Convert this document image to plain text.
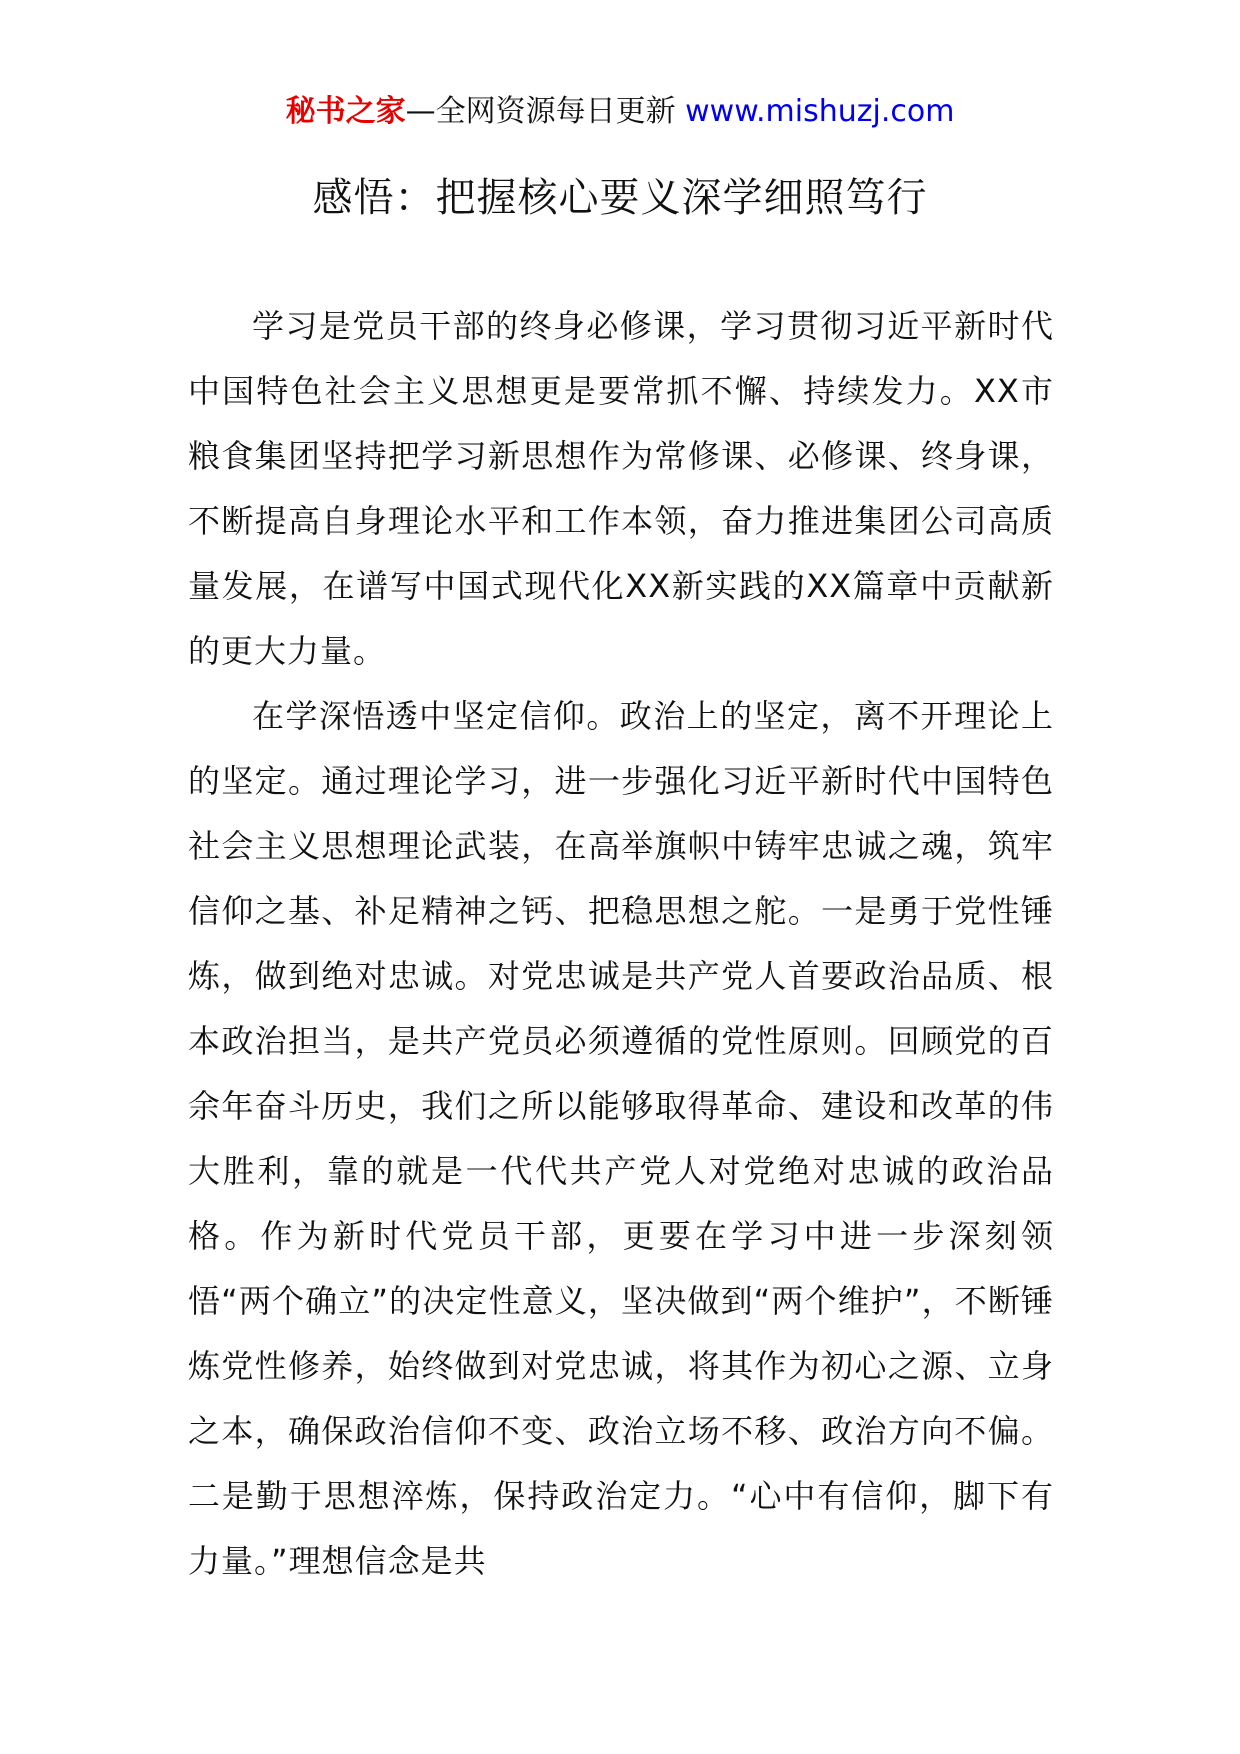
秘书之家—全网资源每日更新 www.mishuzj.com
感悟：把握核心要义深学细照笃行

学习是党员干部的终身必修课，学习贯彻习近平新时代中国特色社会主义思想更是要常抓不懈、持续发力。XX市粮食集团坚持把学习新思想作为常修课、必修课、终身课，不断提高自身理论水平和工作本领，奋力推进集团公司高质量发展，在谱写中国式现代化XX新实践的XX篇章中贡献新的更大力量。

在学深悟透中坚定信仰。政治上的坚定，离不开理论上的坚定。通过理论学习，进一步强化习近平新时代中国特色社会主义思想理论武装，在高举旗帜中铸牢忠诚之魂，筑牢信仰之基、补足精神之钙、把稳思想之舵。一是勇于党性锤炼，做到绝对忠诚。对党忠诚是共产党人首要政治品质、根本政治担当，是共产党员必须遵循的党性原则。回顾党的百余年奋斗历史，我们之所以能够取得革命、建设和改革的伟大胜利，靠的就是一代代共产党人对党绝对忠诚的政治品格。作为新时代党员干部，更要在学习中进一步深刻领悟“两个确立”的决定性意义，坚决做到“两个维护”，不断锤炼党性修养，始终做到对党忠诚，将其作为初心之源、立身之本，确保政治信仰不变、政治立场不移、政治方向不偏。二是勤于思想淬炼，保持政治定力。“心中有信仰，脚下有力量。”理想信念是共
